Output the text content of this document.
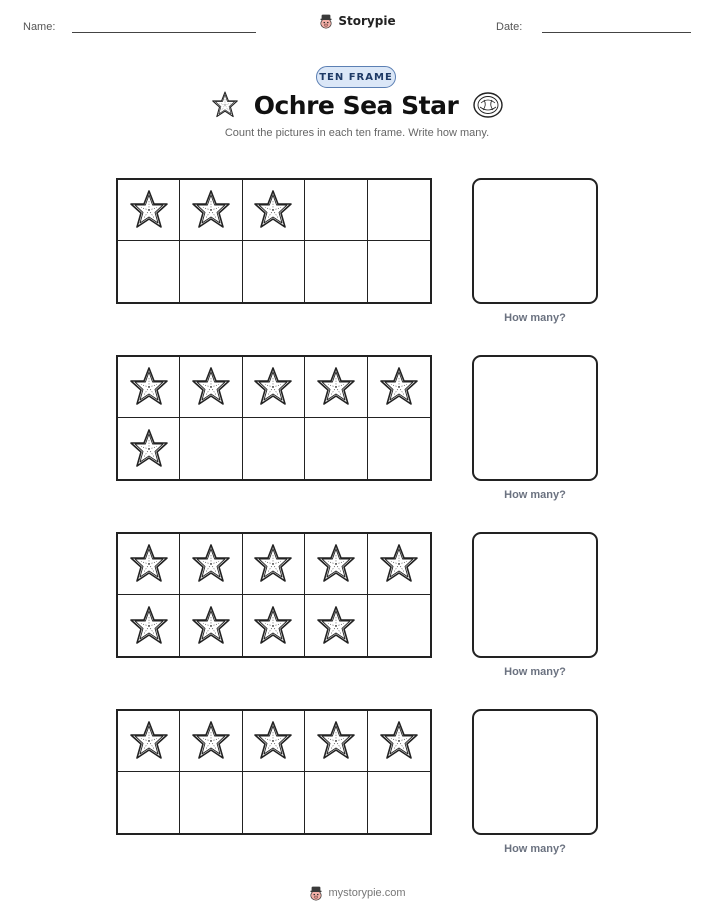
Name:	Storypie	Date:
TEN FRAME
Ochre Sea Star
Count the pictures in each ten frame. Write how many.
How many?
How many?
How many?
How many?
mystorypie.com
